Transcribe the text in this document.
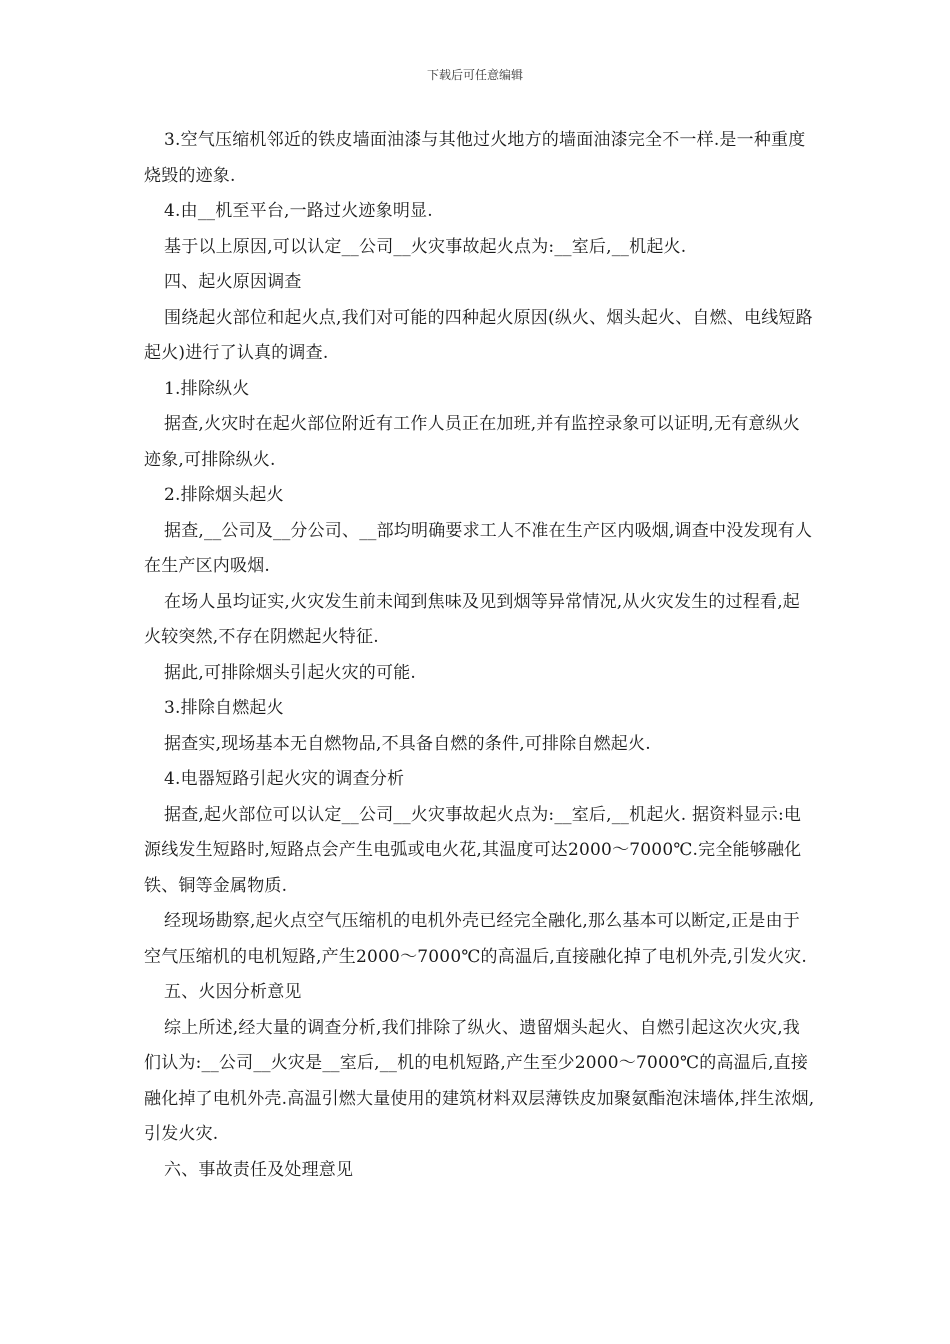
下载后可任意编辑

3.空气压缩机邻近的铁皮墙面油漆与其他过火地方的墙面油漆完全不一样.是一种重度烧毁的迹象.

4.由__机至平台,一路过火迹象明显.

基于以上原因,可以认定__公司__火灾事故起火点为:__室后,__机起火.

四、起火原因调查

围绕起火部位和起火点,我们对可能的四种起火原因(纵火、烟头起火、自燃、电线短路起火)进行了认真的调查.

1.排除纵火

据查,火灾时在起火部位附近有工作人员正在加班,并有监控录象可以证明,无有意纵火迹象,可排除纵火.

2.排除烟头起火

据查,__公司及__分公司、__部均明确要求工人不准在生产区内吸烟,调查中没发现有人在生产区内吸烟.

在场人虽均证实,火灾发生前未闻到焦味及见到烟等异常情况,从火灾发生的过程看,起火较突然,不存在阴燃起火特征.

据此,可排除烟头引起火灾的可能.

3.排除自燃起火

据查实,现场基本无自燃物品,不具备自燃的条件,可排除自燃起火.

4.电器短路引起火灾的调查分析

据查,起火部位可以认定__公司__火灾事故起火点为:__室后,__机起火. 据资料显示:电源线发生短路时,短路点会产生电弧或电火花,其温度可达2000～7000℃.完全能够融化铁、铜等金属物质.

经现场勘察,起火点空气压缩机的电机外壳已经完全融化,那么基本可以断定,正是由于空气压缩机的电机短路,产生2000～7000℃的高温后,直接融化掉了电机外壳,引发火灾.

五、火因分析意见

综上所述,经大量的调查分析,我们排除了纵火、遗留烟头起火、自燃引起这次火灾,我们认为:__公司__火灾是__室后,__机的电机短路,产生至少2000～7000℃的高温后,直接融化掉了电机外壳.高温引燃大量使用的建筑材料双层薄铁皮加聚氨酯泡沫墙体,拌生浓烟,引发火灾.

六、事故责任及处理意见
